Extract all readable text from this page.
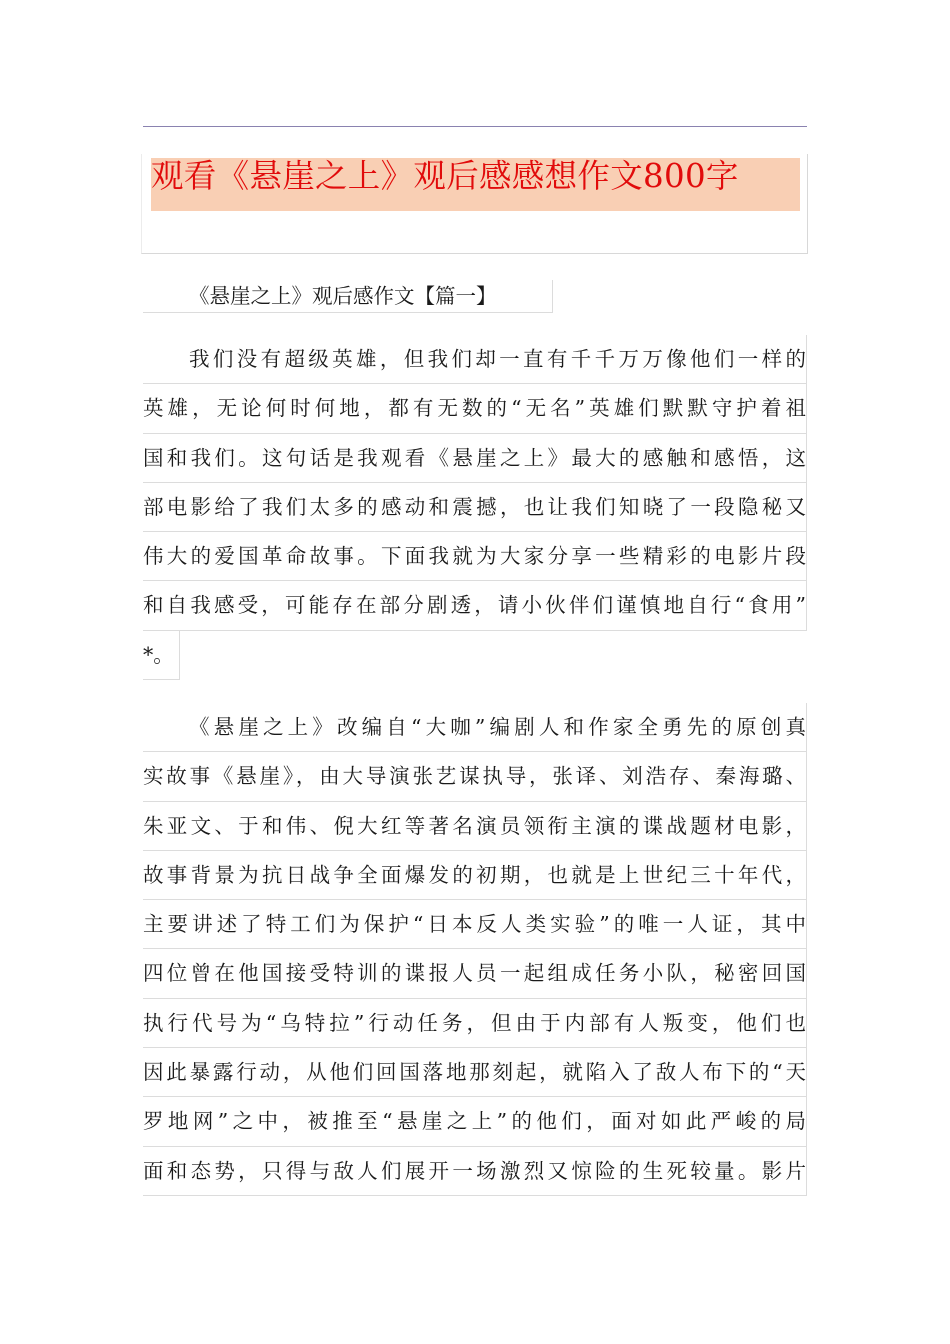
观看《悬崖之上》观后感感想作文800字
《悬崖之上》观后感作文【篇一】
我们没有超级英雄，但我们却一直有千千万万像他们一样的
英雄，无论何时何地，都有无数的“无名”英雄们默默守护着祖
国和我们。这句话是我观看《悬崖之上》最大的感触和感悟，这
部电影给了我们太多的感动和震撼，也让我们知晓了一段隐秘又
伟大的爱国革命故事。下面我就为大家分享一些精彩的电影片段
和自我感受，可能存在部分剧透，请小伙伴们谨慎地自行“食用”
*。
《悬崖之上》改编自“大咖”编剧人和作家全勇先的原创真
实故事《悬崖》，由大导演张艺谋执导，张译、刘浩存、秦海璐、
朱亚文、于和伟、倪大红等著名演员领衔主演的谍战题材电影，
故事背景为抗日战争全面爆发的初期，也就是上世纪三十年代，
主要讲述了特工们为保护“日本反人类实验”的唯一人证，其中
四位曾在他国接受特训的谍报人员一起组成任务小队，秘密回国
执行代号为“乌特拉”行动任务，但由于内部有人叛变，他们也
因此暴露行动，从他们回国落地那刻起，就陷入了敌人布下的“天
罗地网”之中，被推至“悬崖之上”的他们，面对如此严峻的局
面和态势，只得与敌人们展开一场激烈又惊险的生死较量。影片
